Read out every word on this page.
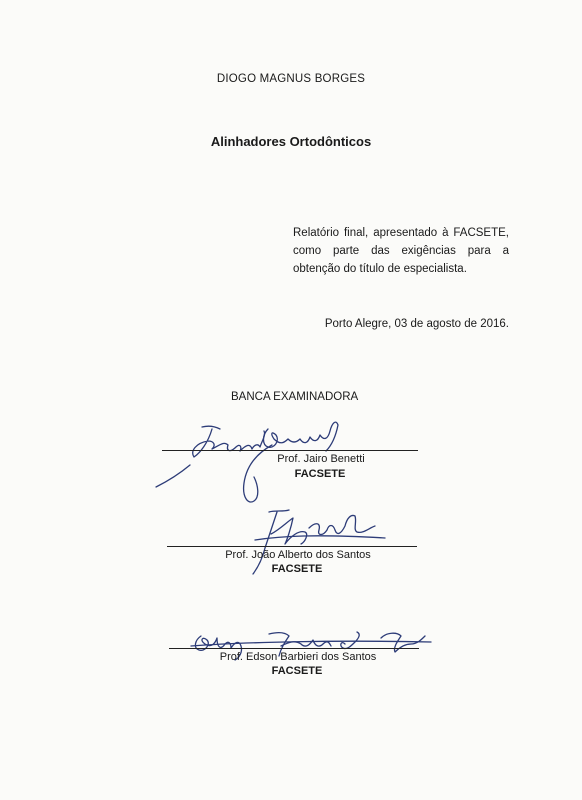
DIOGO MAGNUS BORGES
Alinhadores Ortodônticos
Relatório final, apresentado à FACSETE,
como parte das exigências para a
obtenção do título de especialista.
Porto Alegre, 03 de agosto de 2016.
BANCA EXAMINADORA
Prof. Jairo Benetti
FACSETE
Prof. João Alberto dos Santos
FACSETE
Prof. Edson Barbieri dos Santos
FACSETE
